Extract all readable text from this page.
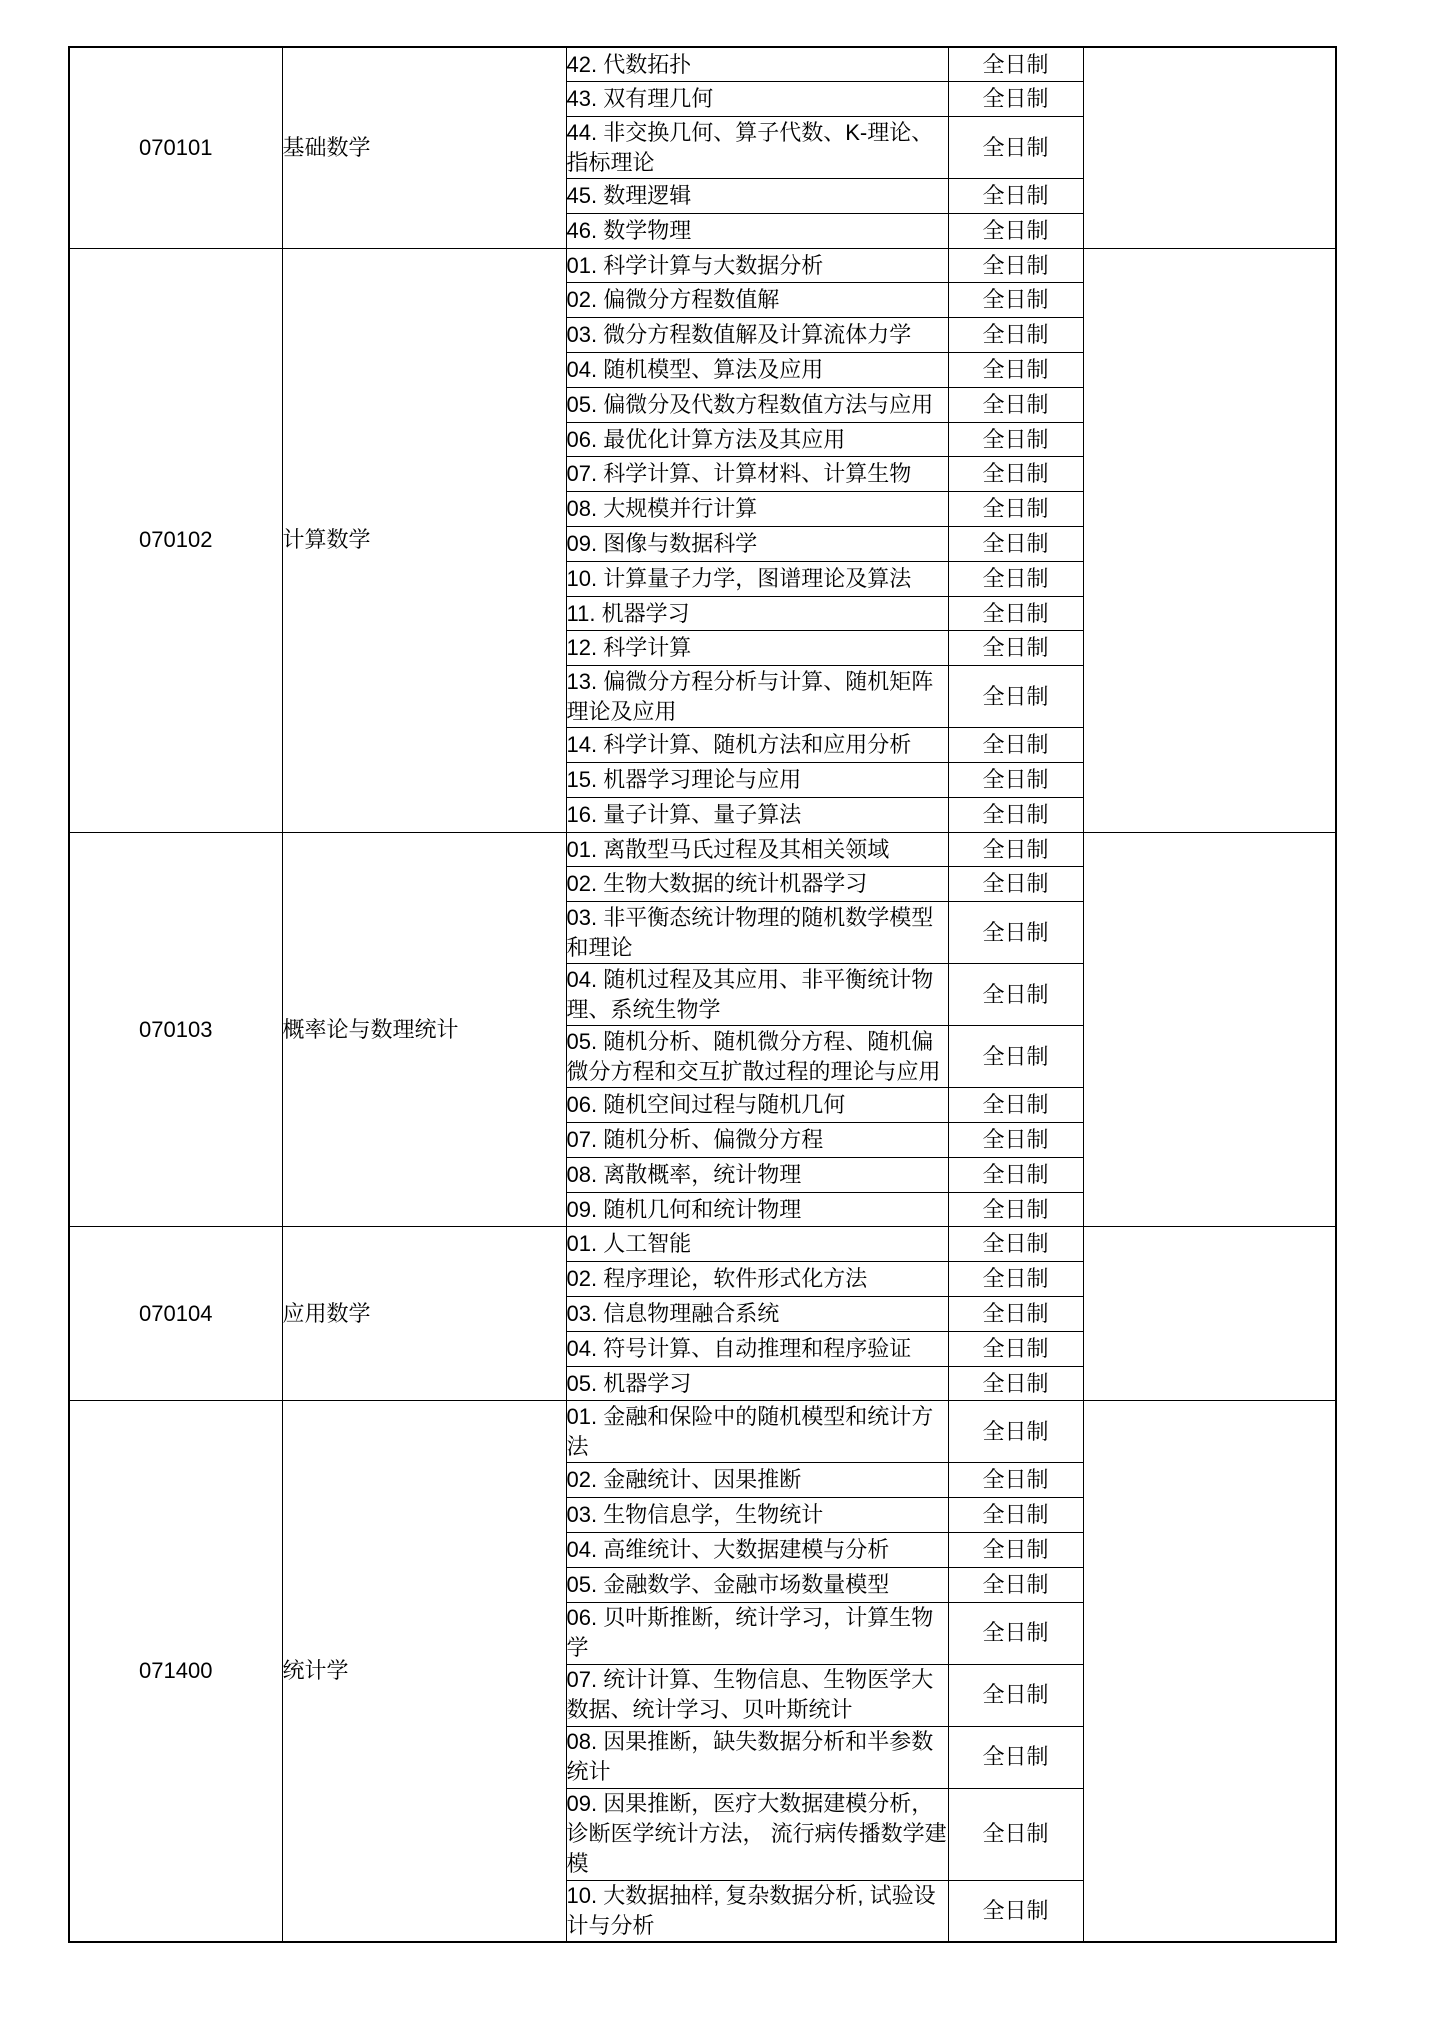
070101	基础数学	42. 代数拓扑	全日制	
		43. 双有理几何	全日制	
		44. 非交换几何、算子代数、K-理论、指标理论	全日制	
		45. 数理逻辑	全日制	
		46. 数学物理	全日制	
070102	计算数学	01. 科学计算与大数据分析	全日制	
		02. 偏微分方程数值解	全日制	
		03. 微分方程数值解及计算流体力学	全日制	
		04. 随机模型、算法及应用	全日制	
		05. 偏微分及代数方程数值方法与应用	全日制	
		06. 最优化计算方法及其应用	全日制	
		07. 科学计算、计算材料、计算生物	全日制	
		08. 大规模并行计算	全日制	
		09. 图像与数据科学	全日制	
		10. 计算量子力学，图谱理论及算法	全日制	
		11. 机器学习	全日制	
		12. 科学计算	全日制	
		13. 偏微分方程分析与计算、随机矩阵理论及应用	全日制	
		14. 科学计算、随机方法和应用分析	全日制	
		15. 机器学习理论与应用	全日制	
		16. 量子计算、量子算法	全日制	
070103	概率论与数理统计	01. 离散型马氏过程及其相关领域	全日制	
		02. 生物大数据的统计机器学习	全日制	
		03. 非平衡态统计物理的随机数学模型和理论	全日制	
		04. 随机过程及其应用、非平衡统计物理、系统生物学	全日制	
		05. 随机分析、随机微分方程、随机偏微分方程和交互扩散过程的理论与应用	全日制	
		06. 随机空间过程与随机几何	全日制	
		07. 随机分析、偏微分方程	全日制	
		08. 离散概率，统计物理	全日制	
		09. 随机几何和统计物理	全日制	
070104	应用数学	01. 人工智能	全日制	
		02. 程序理论，软件形式化方法	全日制	
		03. 信息物理融合系统	全日制	
		04. 符号计算、自动推理和程序验证	全日制	
		05. 机器学习	全日制	
071400	统计学	01. 金融和保险中的随机模型和统计方法	全日制	
		02. 金融统计、因果推断	全日制	
		03. 生物信息学，生物统计	全日制	
		04. 高维统计、大数据建模与分析	全日制	
		05. 金融数学、金融市场数量模型	全日制	
		06. 贝叶斯推断，统计学习，计算生物学	全日制	
		07. 统计计算、生物信息、生物医学大数据、统计学习、贝叶斯统计	全日制	
		08. 因果推断，缺失数据分析和半参数统计	全日制	
		09. 因果推断，医疗大数据建模分析，诊断医学统计方法， 流行病传播数学建模	全日制	
		10. 大数据抽样, 复杂数据分析, 试验设计与分析	全日制	
